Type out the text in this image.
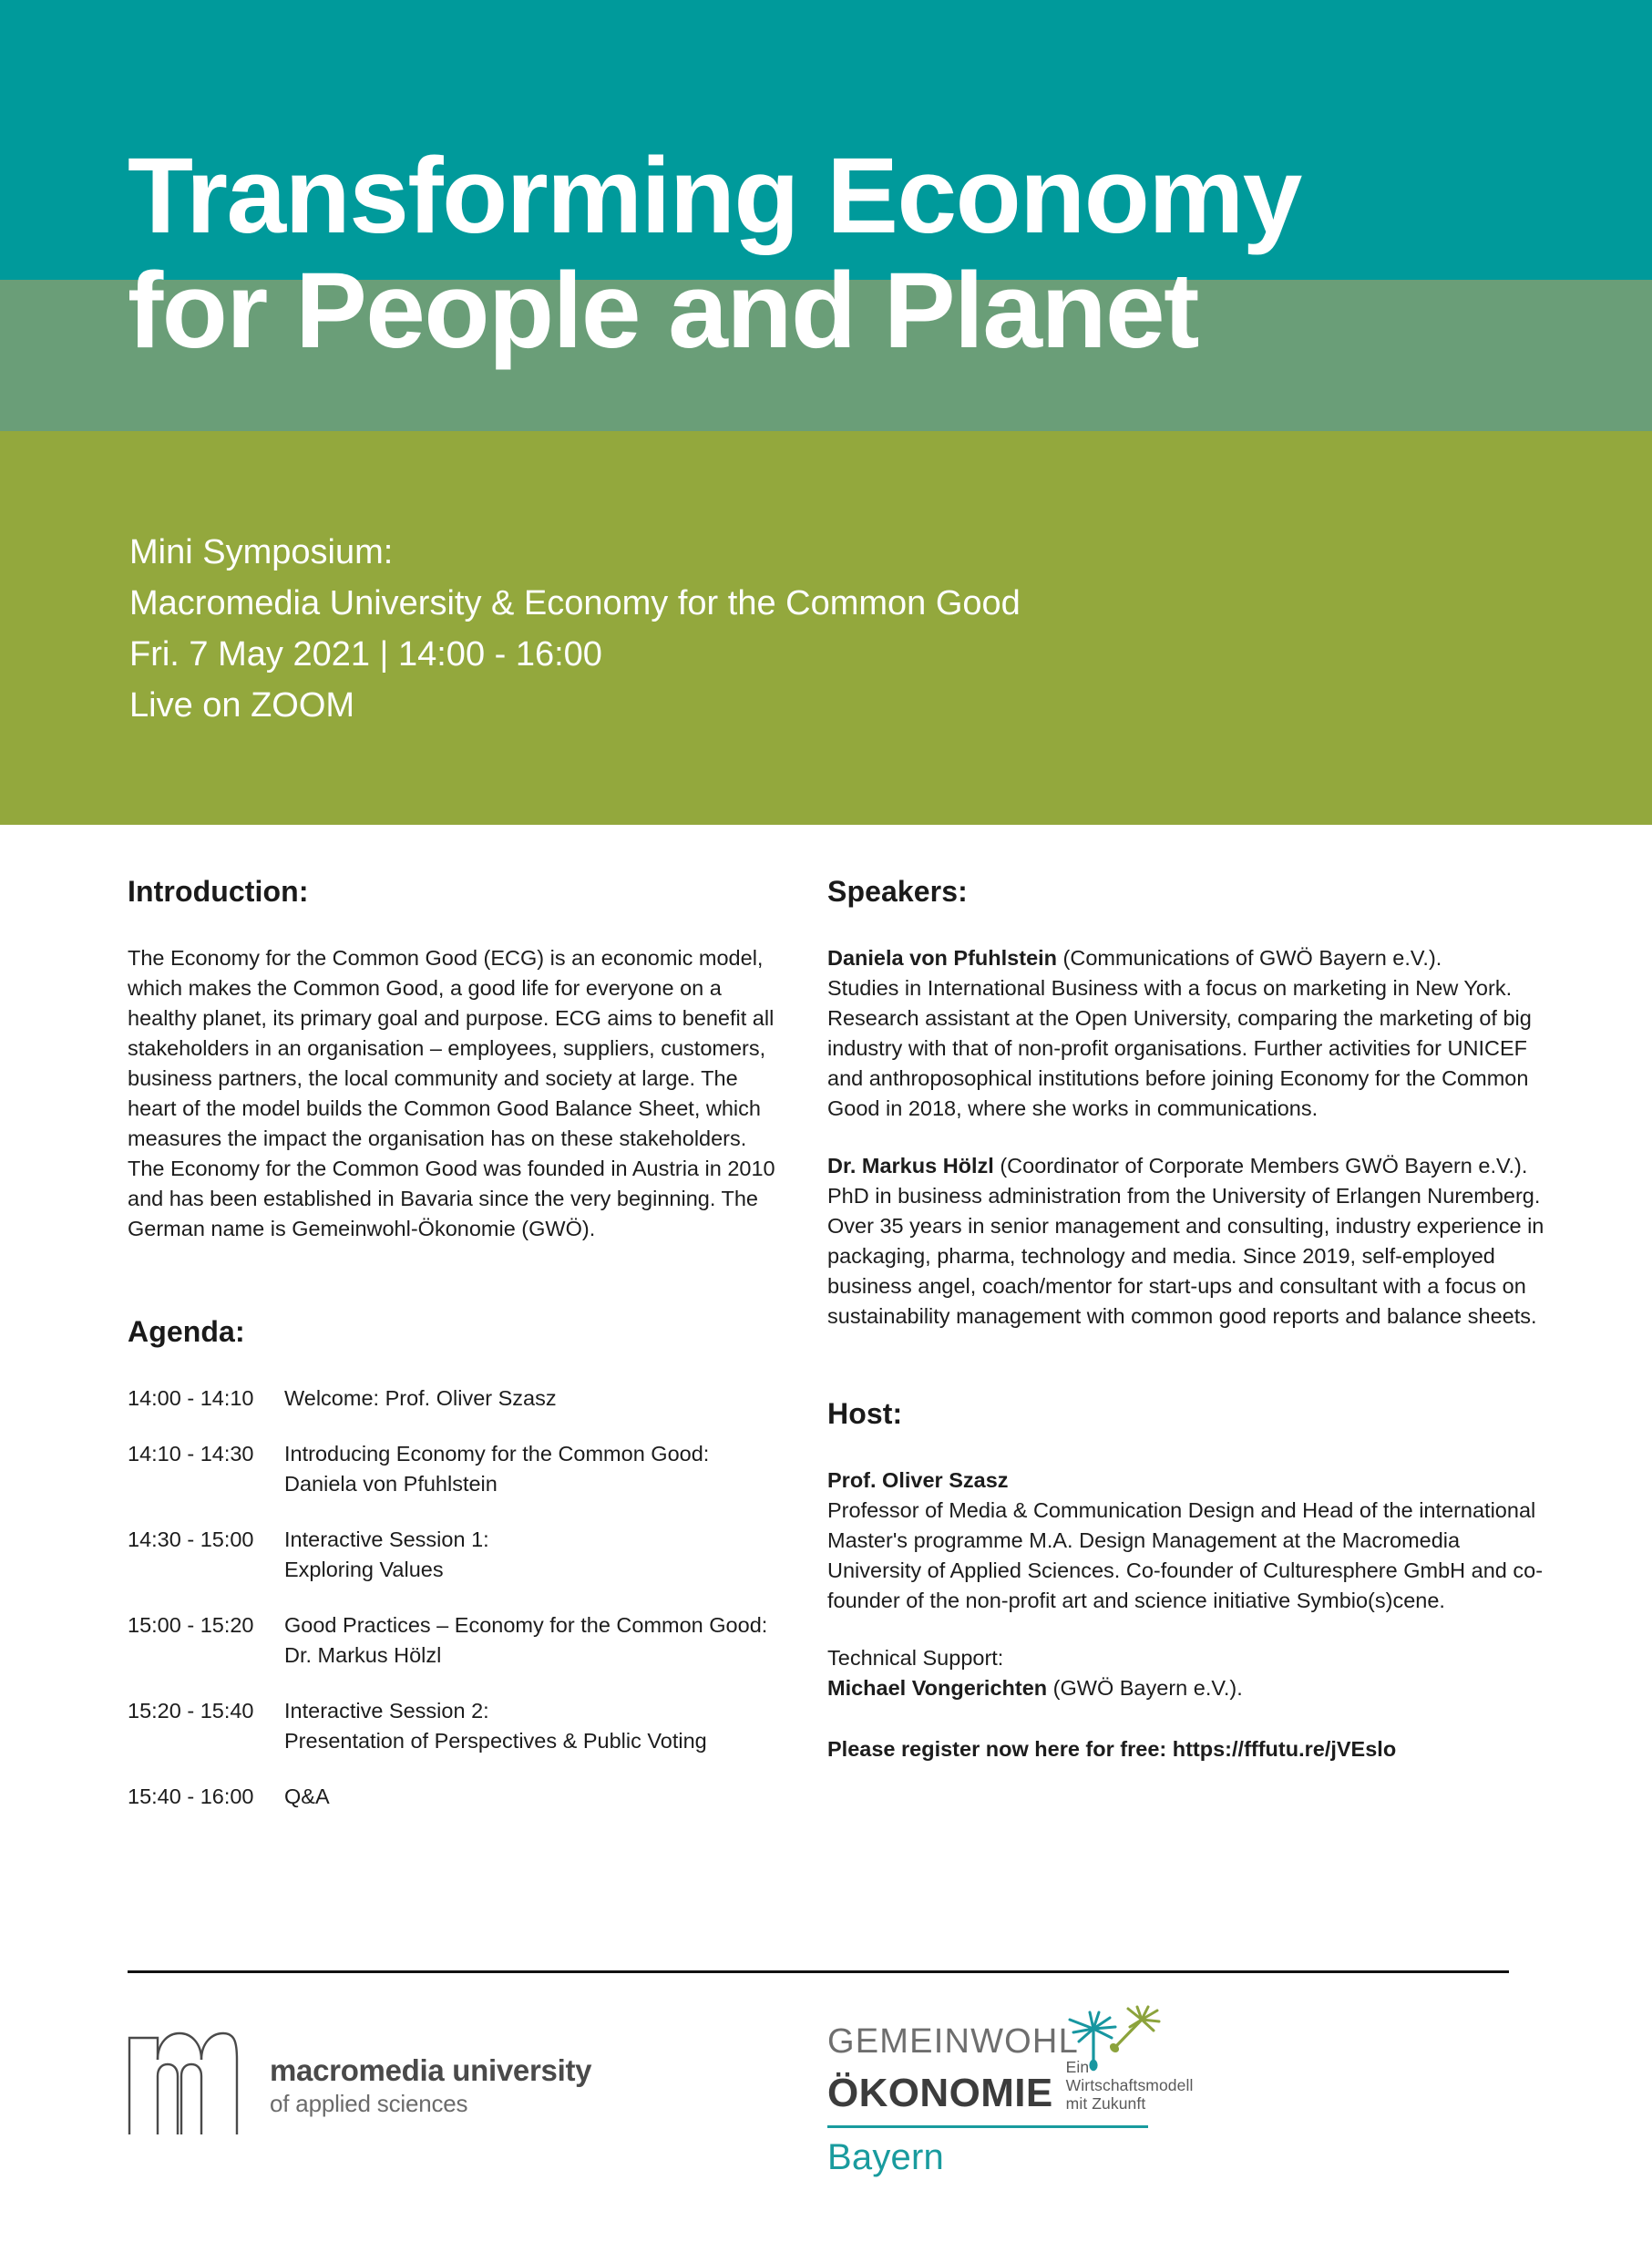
Transforming Economy
for People and Planet
Mini Symposium:
Macromedia University & Economy for the Common Good
Fri. 7 May 2021 | 14:00 - 16:00
Live on ZOOM
Introduction:

The Economy for the Common Good (ECG) is an economic model, which makes the Common Good, a good life for everyone on a healthy planet, its primary goal and purpose. ECG aims to benefit all stakeholders in an organisation – employees, suppliers, customers, business partners, the local community and society at large. The heart of the model builds the Common Good Balance Sheet, which measures the impact the organisation has on these stakeholders. The Economy for the Common Good was founded in Austria in 2010 and has been established in Bavaria since the very beginning. The German name is Gemeinwohl-Ökonomie (GWÖ).

Agenda:
14:00 - 14:10	Welcome: Prof. Oliver Szasz
14:10 - 14:30	Introducing Economy for the Common Good:
Daniela von Pfuhlstein
14:30 - 15:00	Interactive Session 1:
Exploring Values
15:00 - 15:20	Good Practices – Economy for the Common Good:
Dr. Markus Hölzl
15:20 - 15:40	Interactive Session 2:
Presentation of Perspectives & Public Voting
15:40 - 16:00	Q&A
Speakers:

Daniela von Pfuhlstein (Communications of GWÖ Bayern e.V.).
Studies in International Business with a focus on marketing in New York. Research assistant at the Open University, comparing the marketing of big industry with that of non-profit organisations. Further activities for UNICEF and anthroposophical institutions before joining Economy for the Common Good in 2018, where she works in communications.

Dr. Markus Hölzl (Coordinator of Corporate Members GWÖ Bayern e.V.).
PhD in business administration from the University of Erlangen Nuremberg. Over 35 years in senior management and consulting, industry experience in packaging, pharma, technology and media. Since 2019, self-employed business angel, coach/mentor for start-ups and consultant with a focus on sustainability management with common good reports and balance sheets.

Host:

Prof. Oliver Szasz
Professor of Media & Communication Design and Head of the international Master's programme M.A. Design Management at the Macromedia University of Applied Sciences. Co-founder of Culturesphere GmbH and co-founder of the non-profit art and science initiative Symbio(s)cene.

Technical Support:
Michael Vongerichten (GWÖ Bayern e.V.).

Please register now here for free: https://fffutu.re/jVEslo

macromedia university
of applied sciences
GEMEINWOHL
ÖKONOMIE
Ein Wirtschaftsmodell
mit Zukunft
Bayern
